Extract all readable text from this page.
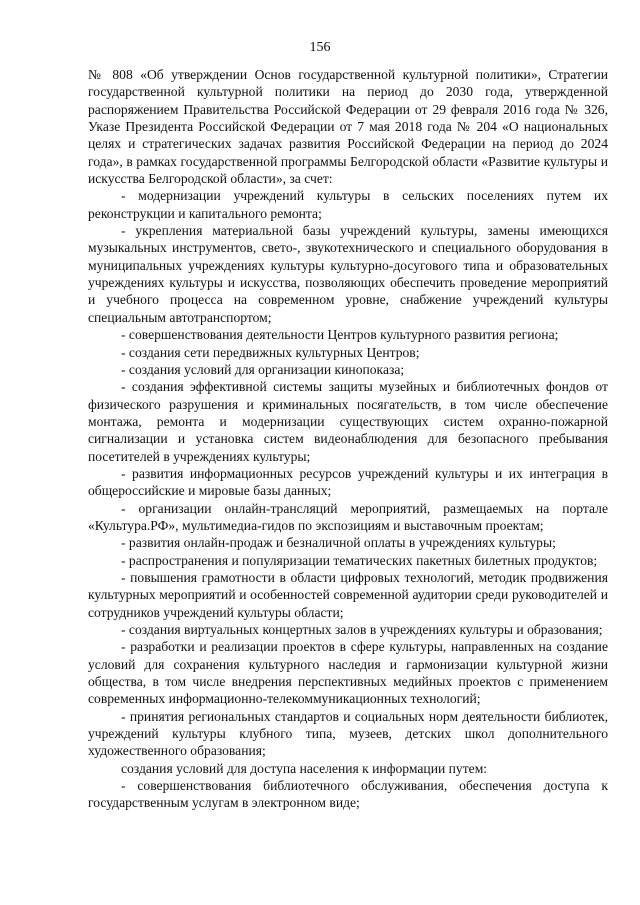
156

№ 808 «Об утверждении Основ государственной культурной политики», Стратегии государственной культурной политики на период до 2030 года, утвержденной распоряжением Правительства Российской Федерации от 29 февраля 2016 года № 326, Указе Президента Российской Федерации от 7 мая 2018 года № 204 «О национальных целях и стратегических задачах развития Российской Федерации на период до 2024 года», в рамках государственной программы Белгородской области «Развитие культуры и искусства Белгородской области», за счет:

- модернизации учреждений культуры в сельских поселениях путем их реконструкции и капитального ремонта;

- укрепления материальной базы учреждений культуры, замены имеющихся музыкальных инструментов, свето-, звукотехнического и специального оборудования в муниципальных учреждениях культуры культурно-досугового типа и образовательных учреждениях культуры и искусства, позволяющих обеспечить проведение мероприятий и учебного процесса на современном уровне, снабжение учреждений культуры специальным автотранспортом;

- совершенствования деятельности Центров культурного развития региона;

- создания сети передвижных культурных Центров;

- создания условий для организации кинопоказа;

- создания эффективной системы защиты музейных и библиотечных фондов от физического разрушения и криминальных посягательств, в том числе обеспечение монтажа, ремонта и модернизации существующих систем охранно-пожарной сигнализации и установка систем видеонаблюдения для безопасного пребывания посетителей в учреждениях культуры;

- развития информационных ресурсов учреждений культуры и их интеграция в общероссийские и мировые базы данных;

- организации онлайн-трансляций мероприятий, размещаемых на портале «Культура.РФ», мультимедиа-гидов по экспозициям и выставочным проектам;

- развития онлайн-продаж и безналичной оплаты в учреждениях культуры;

- распространения и популяризации тематических пакетных билетных продуктов;

- повышения грамотности в области цифровых технологий, методик продвижения культурных мероприятий и особенностей современной аудитории среди руководителей и сотрудников учреждений культуры области;

- создания виртуальных концертных залов в учреждениях культуры и образования;

- разработки и реализации проектов в сфере культуры, направленных на создание условий для сохранения культурного наследия и гармонизации культурной жизни общества, в том числе внедрения перспективных медийных проектов с применением современных информационно-телекоммуникационных технологий;

- принятия региональных стандартов и социальных норм деятельности библиотек, учреждений культуры клубного типа, музеев, детских школ дополнительного художественного образования;

создания условий для доступа населения к информации путем:

- совершенствования библиотечного обслуживания, обеспечения доступа к государственным услугам в электронном виде;
